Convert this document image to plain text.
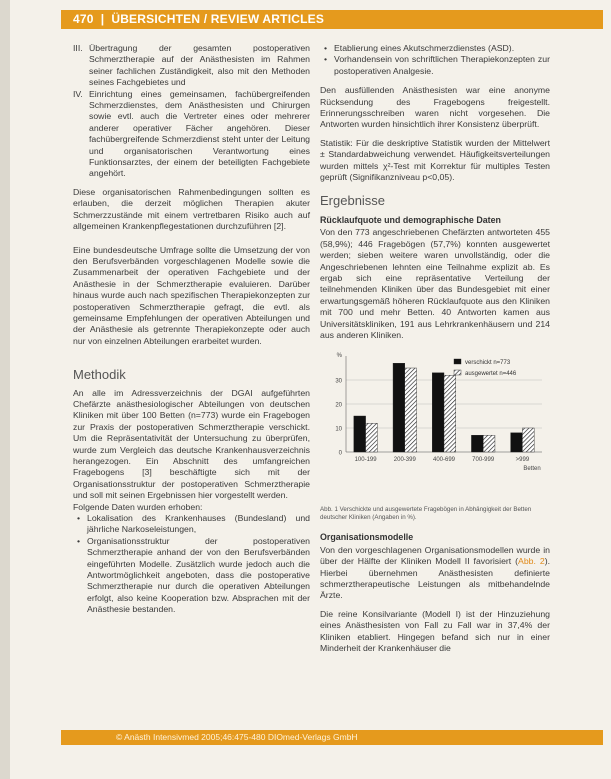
470  |  ÜBERSICHTEN / REVIEW ARTICLES
III. Übertragung der gesamten postoperativen Schmerztherapie auf der Anästhesisten im Rahmen seiner fachlichen Zuständigkeit, also mit den Methoden seines Fachgebietes und
IV. Einrichtung eines gemeinsamen, fachübergreifenden Schmerzdienstes, dem Anästhesisten und Chirurgen sowie evtl. auch die Vertreter eines oder mehrerer anderer operativer Fächer angehören. Dieser fachübergreifende Schmerzdienst steht unter der Leitung und organisatorischen Verantwortung eines Funktionsarztes, der einem der beteiligten Fachgebiete angehört.

Diese organisatorischen Rahmenbedingungen sollten es erlauben, die derzeit möglichen Therapien akuter Schmerzzustände mit einem vertretbaren Risiko auch auf allgemeinen Krankenpflegestationen durchzuführen [2].

Eine bundesdeutsche Umfrage sollte die Umsetzung der von den Berufsverbänden vorgeschlagenen Modelle sowie die Zusammenarbeit der operativen Fachgebiete und der Anästhesie in der Schmerztherapie evaluieren. Darüber hinaus wurde auch nach spezifischen Therapiekonzepten zur postoperativen Schmerztherapie gefragt, die evtl. als gemeinsame Empfehlungen der operativen Abteilungen und der Anästhesie als getrennte Therapiekonzepte oder auch nur von einzelnen Abteilungen erarbeitet wurden.

Methodik

An alle im Adressverzeichnis der DGAI aufgeführten Chefärzte anästhesiologischer Abteilungen von deutschen Kliniken mit über 100 Betten (n=773) wurde ein Fragebogen zur Praxis der postoperativen Schmerztherapie verschickt. Um die Repräsentativität der Untersuchung zu überprüfen, wurde zum Vergleich das deutsche Krankenhausverzeichnis herangezogen. Ein Abschnitt des umfangreichen Fragebogens [3] beschäftigte sich mit der Organisationsstruktur der postoperativen Schmerztherapie und soll mit seinen Ergebnissen hier vorgestellt werden.

Folgende Daten wurden erhoben:

• Lokalisation des Krankenhauses (Bundesland) und jährliche Narkoseleistungen,
• Organisationsstruktur der postoperativen Schmerztherapie anhand der von den Berufsverbänden eingeführten Modelle. Zusätzlich wurde jedoch auch die Antwortmöglichkeit angeboten, dass die postoperative Schmerztherapie nur durch die operativen Abteilungen erfolgt, also keine Kooperation bzw. Absprachen mit der Anästhesie bestanden.
• Etablierung eines Akutschmerzdienstes (ASD).
• Vorhandensein von schriftlichen Therapiekonzepten zur postoperativen Analgesie.

Den ausfüllenden Anästhesisten war eine anonyme Rücksendung des Fragebogens freigestellt. Erinnerungsschreiben waren nicht vorgesehen. Die Antworten wurden hinsichtlich ihrer Konsistenz überprüft.

Statistik: Für die deskriptive Statistik wurden der Mittelwert ± Standardabweichung verwendet. Häufigkeitsverteilungen wurden mittels χ²-Test mit Korrektur für multiples Testen geprüft (Signifikanzniveau p<0,05).

Ergebnisse
Rücklaufquote und demographische Daten

Von den 773 angeschriebenen Chefärzten antworteten 455 (58,9%); 446 Fragebögen (57,7%) konnten ausgewertet werden; sieben weitere waren unvollständig, oder die Angeschriebenen lehnten eine Teilnahme explizit ab. Es ergab sich eine repräsentative Verteilung der teilnehmenden Kliniken über das Bundesgebiet mit einer erwartungsgemäß höheren Rücklaufquote aus den Kliniken mit 700 und mehr Betten. 40 Antworten kamen aus Universitätskliniken, 191 aus Lehrkrankenhäusern und 214 aus anderen Kliniken.

0
10
20
30
%
100-199	200-399	400-699	700-999	>999
Betten
verschickt n=773
ausgewertet n=446
Abb. 1 Verschickte und ausgewertete Fragebögen in Abhängigkeit der Betten deutscher Kliniken (Angaben in %).
Organisationsmodelle

Von den vorgeschlagenen Organisationsmodellen wurde in über der Hälfte der Kliniken Modell II favorisiert (Abb. 2). Hierbei übernehmen Anästhesisten definierte schmerztherapeutische Leistungen als mitbehandelnde Ärzte.

Die reine Konsilvariante (Modell I) ist der Hinzuziehung eines Anästhesisten von Fall zu Fall war in 37,4% der Kliniken etabliert. Hingegen befand sich nur in einer Minderheit der Krankenhäuser die

© Anästh Intensivmed 2005;46:475-480 DIOmed-Verlags GmbH
